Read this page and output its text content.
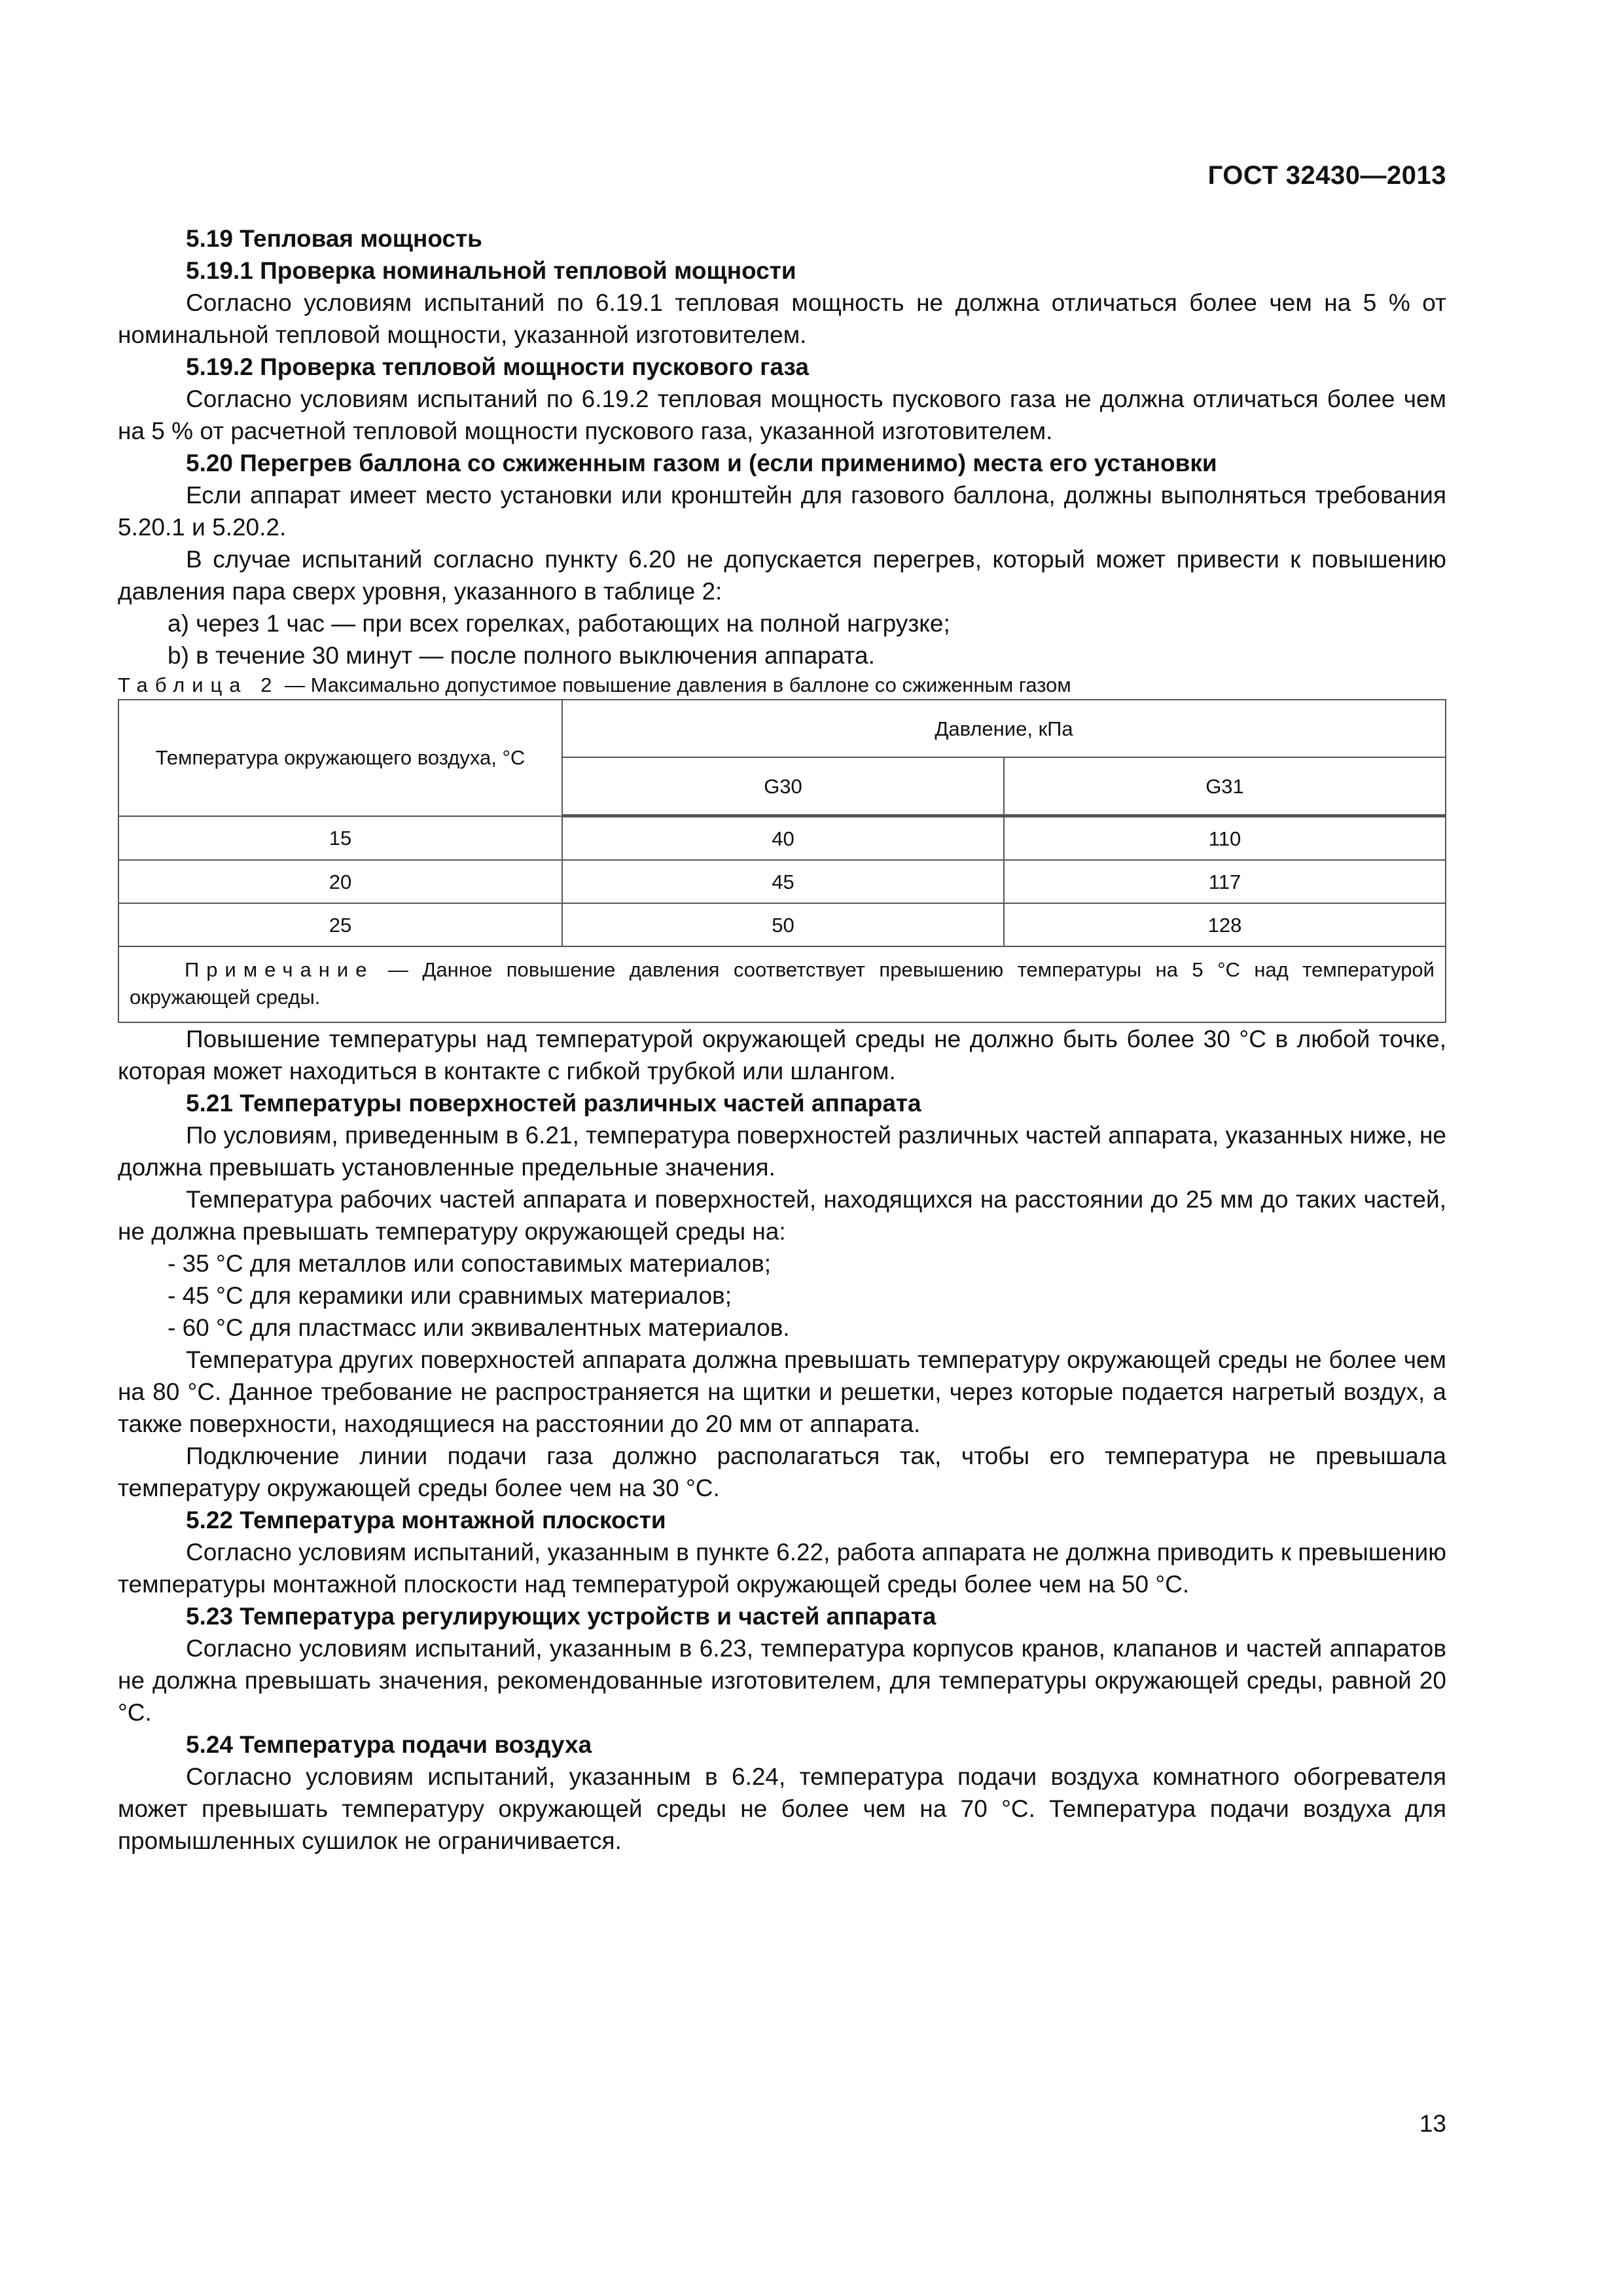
ГОСТ 32430—2013

5.19 Тепловая мощность

5.19.1 Проверка номинальной тепловой мощности

Согласно условиям испытаний по 6.19.1 тепловая мощность не должна отличаться более чем на 5 % от номинальной тепловой мощности, указанной изготовителем.

5.19.2 Проверка тепловой мощности пускового газа

Согласно условиям испытаний по 6.19.2 тепловая мощность пускового газа не должна отличаться более чем на 5 % от расчетной тепловой мощности пускового газа, указанной изготовителем.

5.20 Перегрев баллона со сжиженным газом и (если применимо) места его установки

Если аппарат имеет место установки или кронштейн для газового баллона, должны выполняться требования 5.20.1 и 5.20.2.

В случае испытаний согласно пункту 6.20 не допускается перегрев, который может привести к повышению давления пара сверх уровня, указанного в таблице 2:

a) через 1 час — при всех горелках, работающих на полной нагрузке;

b) в течение 30 минут — после полного выключения аппарата.

Таблица 2 — Максимально допустимое повышение давления в баллоне со сжиженным газом

Температура окружающего воздуха, °С	Давление, кПа	
	G30	G31
15	40	110
20	45	117
25	50	128
Примечание — Данное повышение давления соответствует превышению температуры на 5 °С над температурой окружающей среды.		

Повышение температуры над температурой окружающей среды не должно быть более 30 °С в любой точке, которая может находиться в контакте с гибкой трубкой или шлангом.

5.21 Температуры поверхностей различных частей аппарата

По условиям, приведенным в 6.21, температура поверхностей различных частей аппарата, указанных ниже, не должна превышать установленные предельные значения.

Температура рабочих частей аппарата и поверхностей, находящихся на расстоянии до 25 мм до таких частей, не должна превышать температуру окружающей среды на:

- 35 °С для металлов или сопоставимых материалов;

- 45 °С для керамики или сравнимых материалов;

- 60 °С для пластмасс или эквивалентных материалов.

Температура других поверхностей аппарата должна превышать температуру окружающей среды не более чем на 80 °С. Данное требование не распространяется на щитки и решетки, через которые подается нагретый воздух, а также поверхности, находящиеся на расстоянии до 20 мм от аппарата.

Подключение линии подачи газа должно располагаться так, чтобы его температура не превышала температуру окружающей среды более чем на 30 °С.

5.22 Температура монтажной плоскости

Согласно условиям испытаний, указанным в пункте 6.22, работа аппарата не должна приводить к превышению температуры монтажной плоскости над температурой окружающей среды более чем на 50 °С.

5.23 Температура регулирующих устройств и частей аппарата

Согласно условиям испытаний, указанным в 6.23, температура корпусов кранов, клапанов и частей аппаратов не должна превышать значения, рекомендованные изготовителем, для температуры окружающей среды, равной 20 °С.

5.24 Температура подачи воздуха

Согласно условиям испытаний, указанным в 6.24, температура подачи воздуха комнатного обогревателя может превышать температуру окружающей среды не более чем на 70 °С. Температура подачи воздуха для промышленных сушилок не ограничивается.

13
